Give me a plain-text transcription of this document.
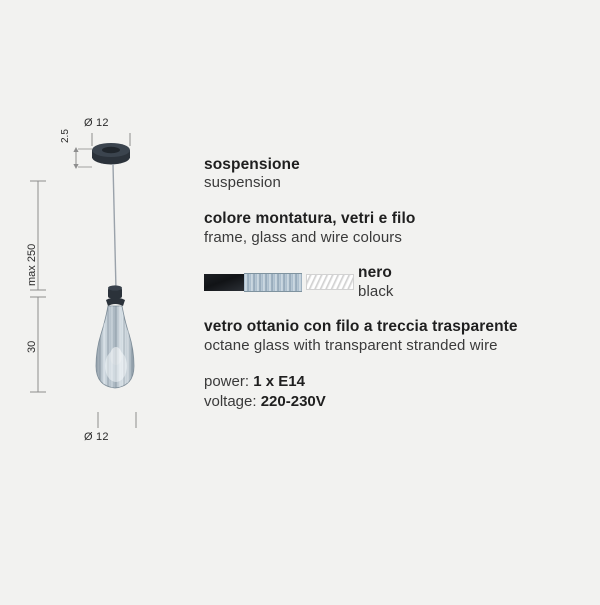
Ø 12
Ø 12
2.5
max 250
30
sospensione
suspension
colore montatura, vetri e filo
frame, glass and wire colours
nero
black
vetro ottanio con filo a treccia trasparente
octane glass with transparent stranded wire
power: 1 x E14
voltage: 220-230V
